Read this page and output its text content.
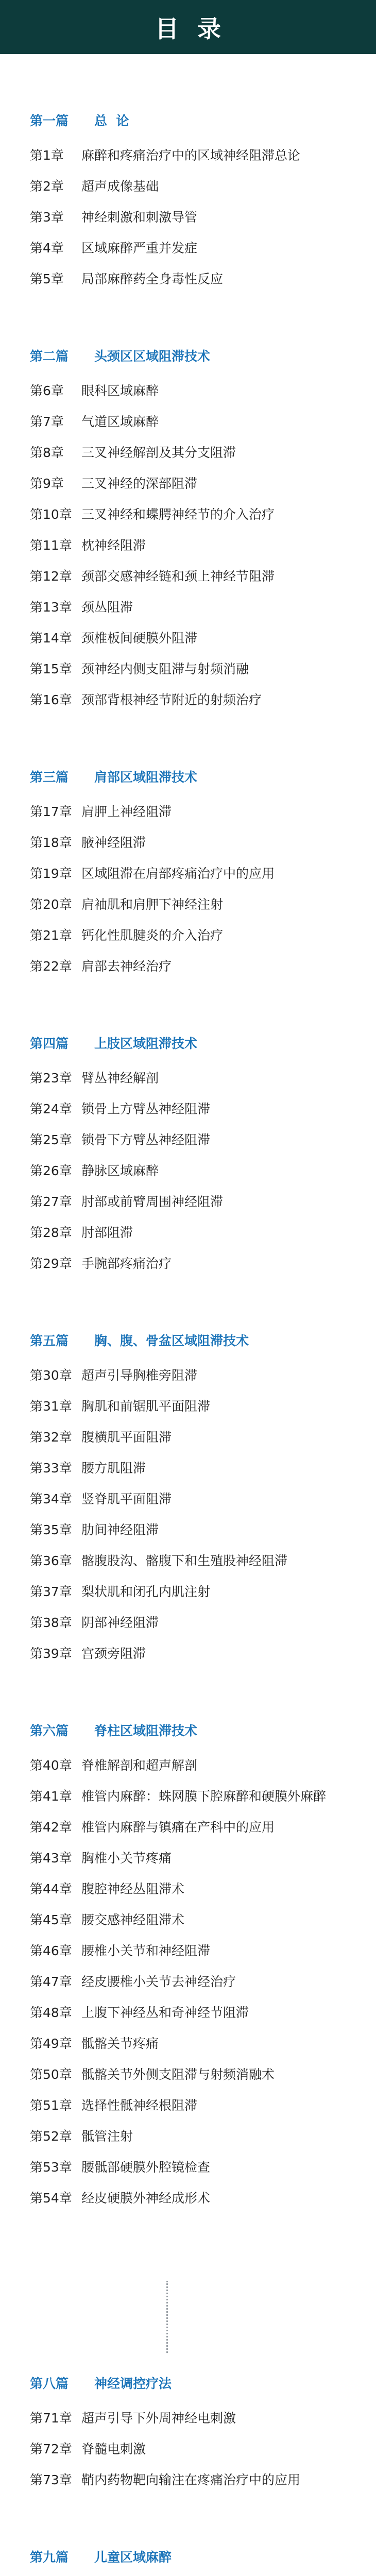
目录
第一篇 总  论
第1章 麻醉和疼痛治疗中的区域神经阻滞总论
第2章 超声成像基础
第3章 神经刺激和刺激导管
第4章 区域麻醉严重并发症
第5章 局部麻醉药全身毒性反应
第二篇 头颈区区域阻滞技术
第6章 眼科区域麻醉
第7章 气道区域麻醉
第8章 三叉神经解剖及其分支阻滞
第9章 三叉神经的深部阻滞
第10章 三叉神经和蝶腭神经节的介入治疗
第11章 枕神经阻滞
第12章 颈部交感神经链和颈上神经节阻滞
第13章 颈丛阻滞
第14章 颈椎板间硬膜外阻滞
第15章 颈神经内侧支阻滞与射频消融
第16章 颈部背根神经节附近的射频治疗
第三篇 肩部区域阻滞技术
第17章 肩胛上神经阻滞
第18章 腋神经阻滞
第19章 区域阻滞在肩部疼痛治疗中的应用
第20章 肩袖肌和肩胛下神经注射
第21章 钙化性肌腱炎的介入治疗
第22章 肩部去神经治疗
第四篇 上肢区域阻滞技术
第23章 臂丛神经解剖
第24章 锁骨上方臂丛神经阻滞
第25章 锁骨下方臂丛神经阻滞
第26章 静脉区域麻醉
第27章 肘部或前臂周围神经阻滞
第28章 肘部阻滞
第29章 手腕部疼痛治疗
第五篇 胸、腹、骨盆区域阻滞技术
第30章 超声引导胸椎旁阻滞
第31章 胸肌和前锯肌平面阻滞
第32章 腹横肌平面阻滞
第33章 腰方肌阻滞
第34章 竖脊肌平面阻滞
第35章 肋间神经阻滞
第36章 髂腹股沟、髂腹下和生殖股神经阻滞
第37章 梨状肌和闭孔内肌注射
第38章 阴部神经阻滞
第39章 宫颈旁阻滞
第六篇 脊柱区域阻滞技术
第40章 脊椎解剖和超声解剖
第41章 椎管内麻醉：蛛网膜下腔麻醉和硬膜外麻醉
第42章 椎管内麻醉与镇痛在产科中的应用
第43章 胸椎小关节疼痛
第44章 腹腔神经丛阻滞术
第45章 腰交感神经阻滞术
第46章 腰椎小关节和神经阻滞
第47章 经皮腰椎小关节去神经治疗
第48章 上腹下神经丛和奇神经节阻滞
第49章 骶髂关节疼痛
第50章 骶髂关节外侧支阻滞与射频消融术
第51章 选择性骶神经根阻滞
第52章 骶管注射
第53章 腰骶部硬膜外腔镜检查
第54章 经皮硬膜外神经成形术
第八篇 神经调控疗法
第71章 超声引导下外周神经电刺激
第72章 脊髓电刺激
第73章 鞘内药物靶向输注在疼痛治疗中的应用
第九篇 儿童区域麻醉
